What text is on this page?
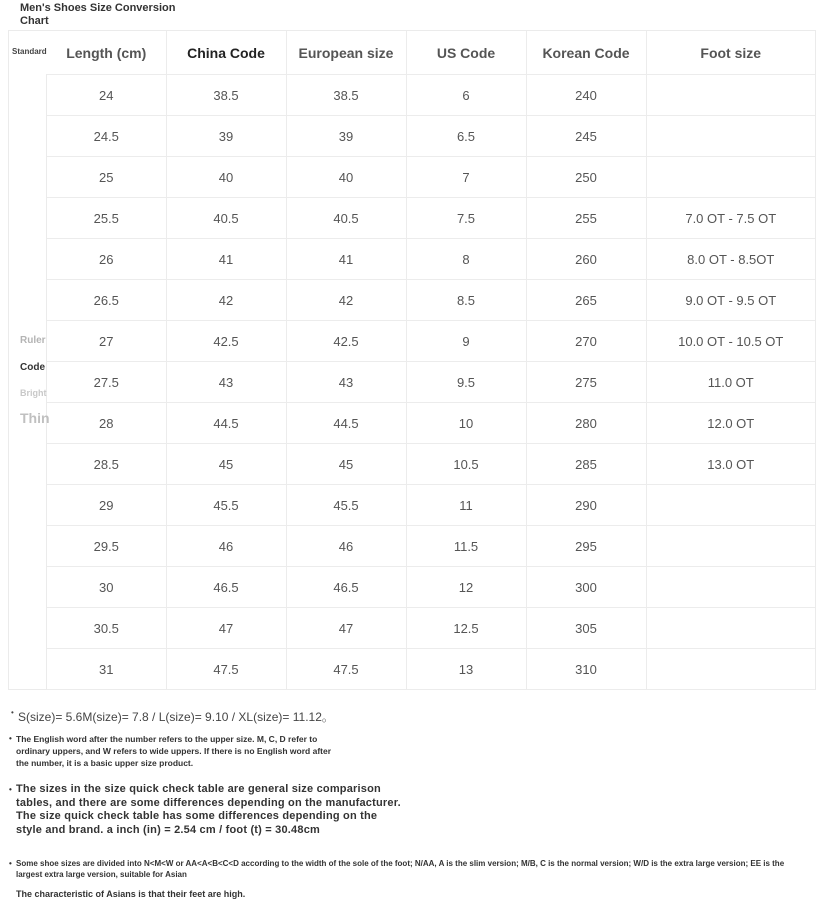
Men's Shoes Size Conversion Chart
Standard
Ruler
Code
Bright
Thin
Length (cm)	China Code	European size	US Code	Korean Code	Foot size
24	38.5	38.5	6	240	
24.5	39	39	6.5	245	
25	40	40	7	250	
25.5	40.5	40.5	7.5	255	7.0 OT - 7.5 OT
26	41	41	8	260	8.0 OT - 8.5OT
26.5	42	42	8.5	265	9.0 OT - 9.5 OT
27	42.5	42.5	9	270	10.0 OT - 10.5 OT
27.5	43	43	9.5	275	11.0 OT
28	44.5	44.5	10	280	12.0 OT
28.5	45	45	10.5	285	13.0 OT
29	45.5	45.5	11	290	
29.5	46	46	11.5	295	
30	46.5	46.5	12	300	
30.5	47	47	12.5	305	
31	47.5	47.5	13	310	
• S(size)= 5.6M(size)= 7.8 / L(size)= 9.10 / XL(size)= 11.12。
• The English word after the number refers to the upper size. M, C, D refer to ordinary uppers, and W refers to wide uppers. If there is no English word after the number, it is a basic upper size product.
• The sizes in the size quick check table are general size comparison tables, and there are some differences depending on the manufacturer. The size quick check table has some differences depending on the style and brand. a inch (in) = 2.54 cm / foot (t) = 30.48cm
• Some shoe sizes are divided into N<M<W or AA<A<B<C<D according to the width of the sole of the foot; N/AA, A is the slim version; M/B, C is the normal version; W/D is the extra large version; EE is the largest extra large version, suitable for Asian
The characteristic of Asians is that their feet are high.
